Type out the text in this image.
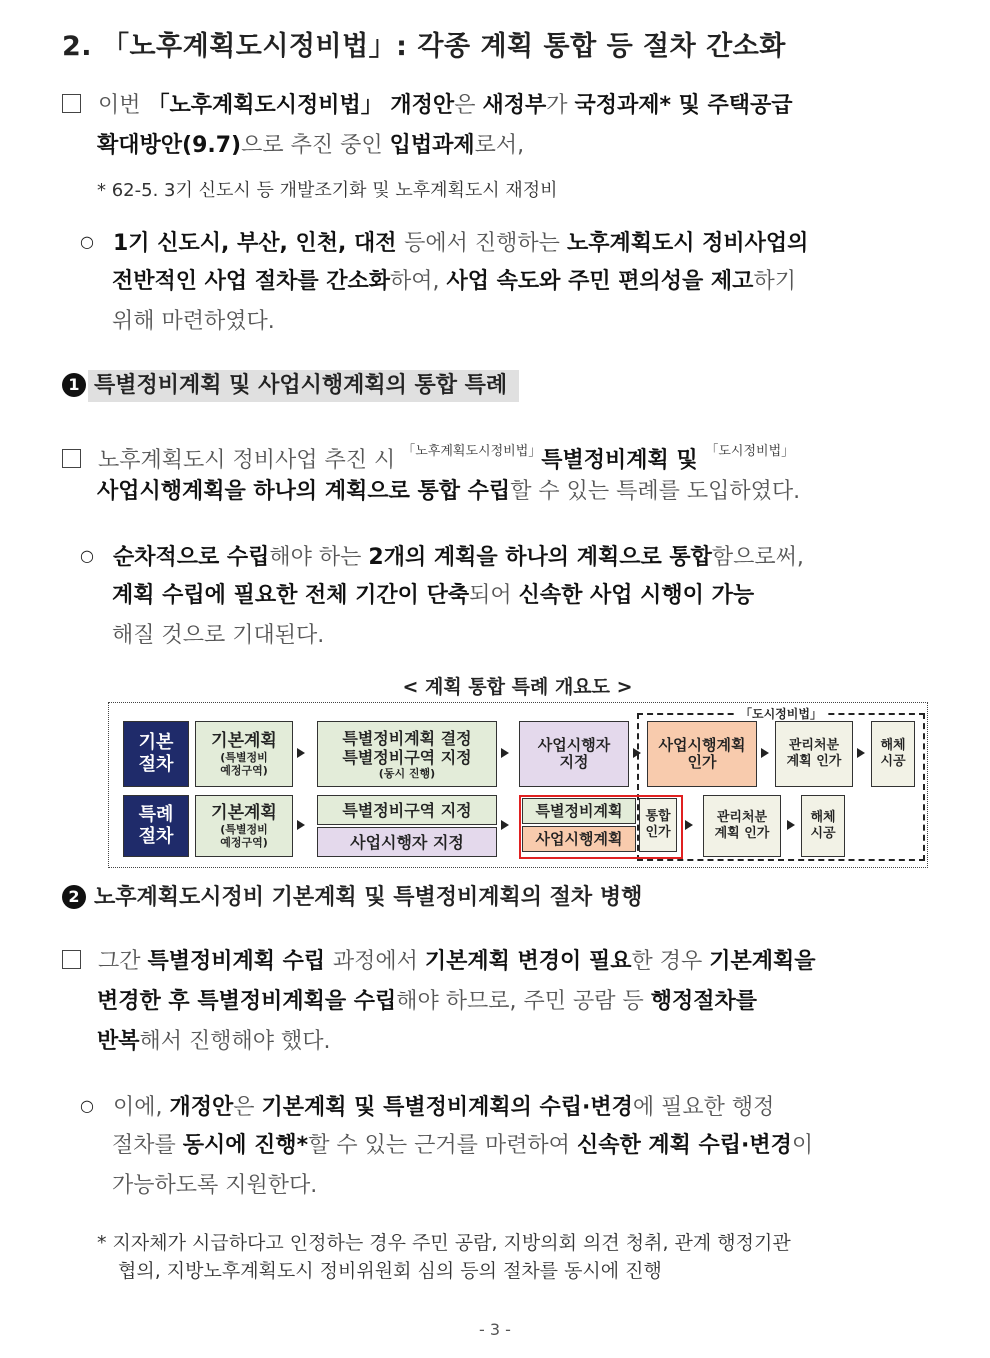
2. 「노후계획도시정비법」: 각종 계획 통합 등 절차 간소화
이번 「노후계획도시정비법」 개정안은 새정부가 국정과제* 및 주택공급
확대방안(9.7)으로 추진 중인 입법과제로서,
* 62-5. 3기 신도시 등 개발조기화 및 노후계획도시 재정비
○ 1기 신도시, 부산, 인천, 대전 등에서 진행하는 노후계획도시 정비사업의
전반적인 사업 절차를 간소화하여, 사업 속도와 주민 편의성을 제고하기
위해 마련하였다.
1 특별정비계획 및 사업시행계획의 통합 특례
노후계획도시 정비사업 추진 시 $^{「노후계획도시정비법」}$특별정비계획 및 $^{「도시정비법」}$
사업시행계획을 하나의 계획으로 통합 수립할 수 있는 특례를 도입하였다.
○ 순차적으로 수립해야 하는 2개의 계획을 하나의 계획으로 통합함으로써,
계획 수립에 필요한 전체 기간이 단축되어 신속한 사업 시행이 가능
해질 것으로 기대된다.
< 계획 통합 특례 개요도 >
「도시정비법」
기본
절차
기본계획
(특별정비
예정구역)
특별정비계획 결정
특별정비구역 지정
(동시 진행)
사업시행자
지정
사업시행계획
인가
관리처분
계획 인가
해체
시공
특례
절차
기본계획
(특별정비
예정구역)
특별정비구역 지정
사업시행자 지정
특별정비계획
사업시행계획
통합
인가
관리처분
계획 인가
해체
시공
2 노후계획도시정비 기본계획 및 특별정비계획의 절차 병행
그간 특별정비계획 수립 과정에서 기본계획 변경이 필요한 경우 기본계획을
변경한 후 특별정비계획을 수립해야 하므로, 주민 공람 등 행정절차를
반복해서 진행해야 했다.
○ 이에, 개정안은 기본계획 및 특별정비계획의 수립·변경에 필요한 행정
절차를 동시에 진행*할 수 있는 근거를 마련하여 신속한 계획 수립·변경이
가능하도록 지원한다.
* 지자체가 시급하다고 인정하는 경우 주민 공람, 지방의회 의견 청취, 관계 행정기관
협의, 지방노후계획도시 정비위원회 심의 등의 절차를 동시에 진행
- 3 -
